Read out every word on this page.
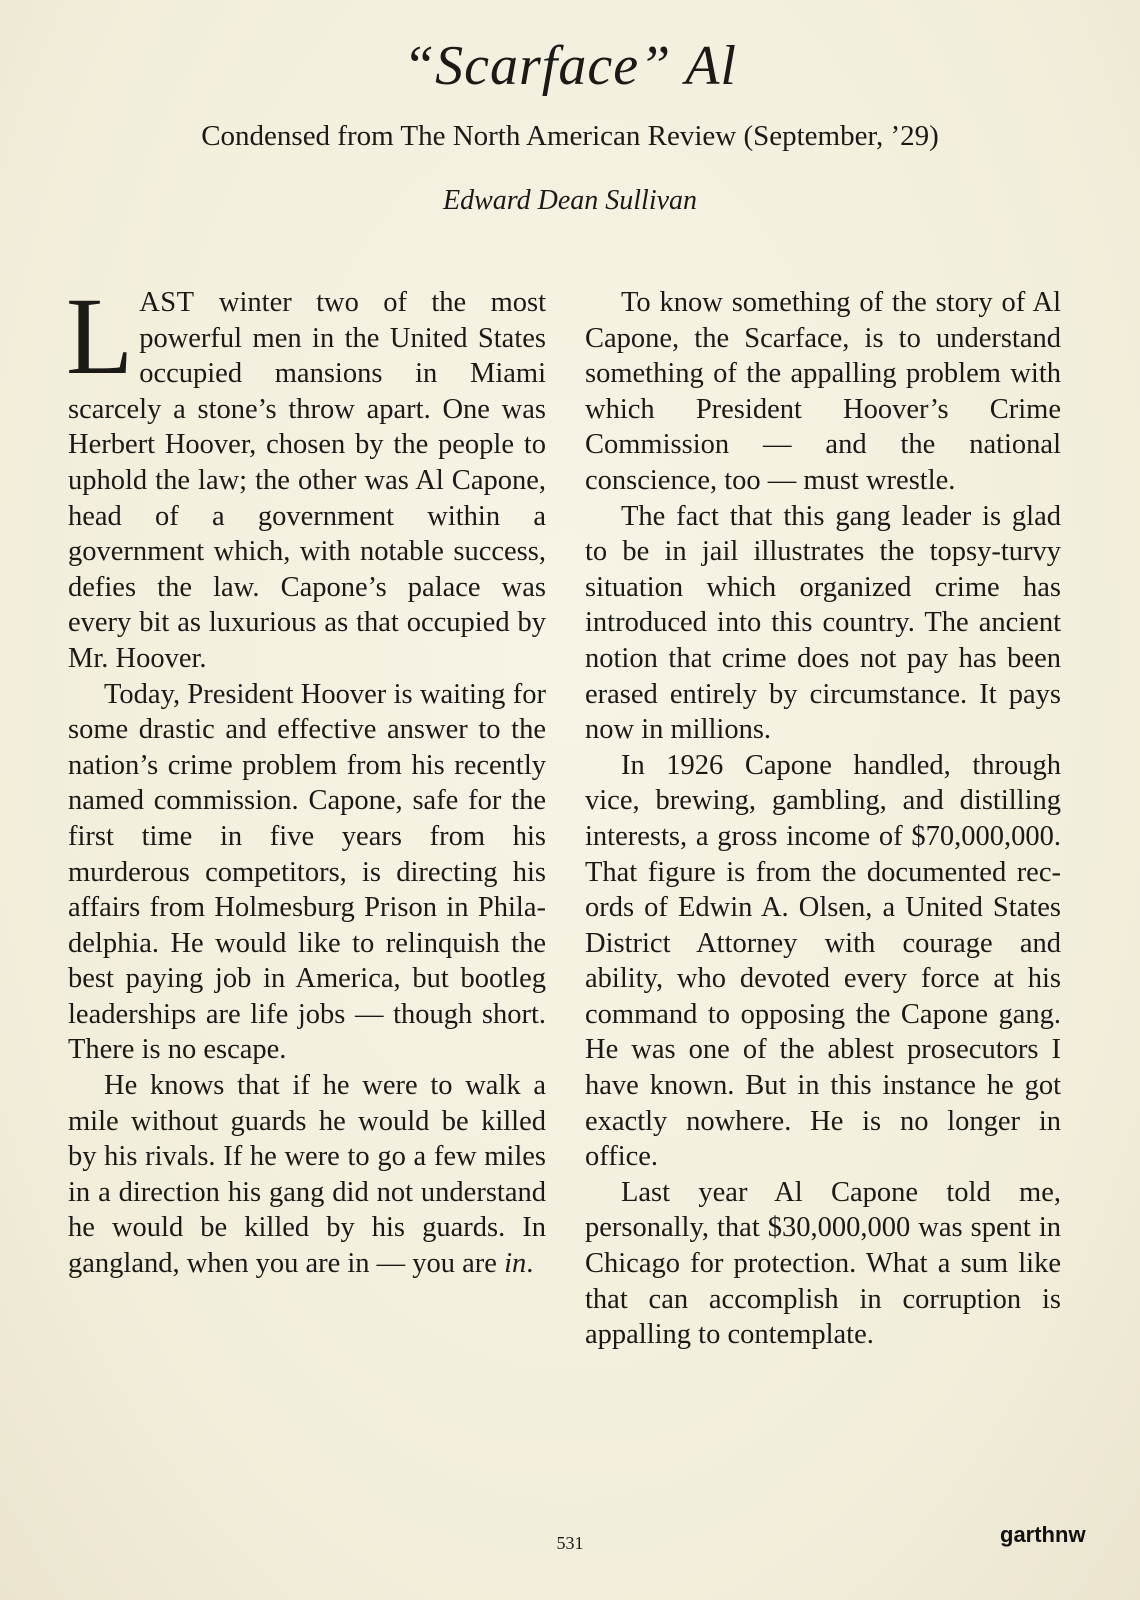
“Scarface” Al
Condensed from The North American Review (September, ’29)
Edward Dean Sullivan

LAST winter two of the most powerful men in the United States occupied mansions in Miami scarcely a stone’s throw apart. One was Herbert Hoover, chosen by the people to uphold the law; the other was Al Capone, head of a government within a government which, with notable success, defies the law. Capone’s palace was every bit as luxurious as that occupied by Mr. Hoover.

Today, President Hoover is waiting for some drastic and effective answer to the nation’s crime problem from his recently named commission. Capone, safe for the first time in five years from his murderous competitors, is directing his affairs from Holmesburg Prison in Philadelphia. He would like to relinquish the best paying job in America, but bootleg leaderships are life jobs — though short. There is no escape.

He knows that if he were to walk a mile without guards he would be killed by his rivals. If he were to go a few miles in a direction his gang did not understand he would be killed by his guards. In gangland, when you are in — you are in.

To know something of the story of Al Capone, the Scarface, is to understand something of the appalling problem with which President Hoover’s Crime Commission — and the national conscience, too — must wrestle.

The fact that this gang leader is glad to be in jail illustrates the topsy-turvy situation which organized crime has introduced into this country. The ancient notion that crime does not pay has been erased entirely by circumstance. It pays now in millions.

In 1926 Capone handled, through vice, brewing, gambling, and distilling interests, a gross income of $70,000,000. That figure is from the documented records of Edwin A. Olsen, a United States District Attorney with courage and ability, who devoted every force at his command to opposing the Capone gang. He was one of the ablest prosecutors I have known. But in this instance he got exactly nowhere. He is no longer in office.

Last year Al Capone told me, personally, that $30,000,000 was spent in Chicago for protection. What a sum like that can accomplish in corruption is appalling to contemplate.

531	garthnw
